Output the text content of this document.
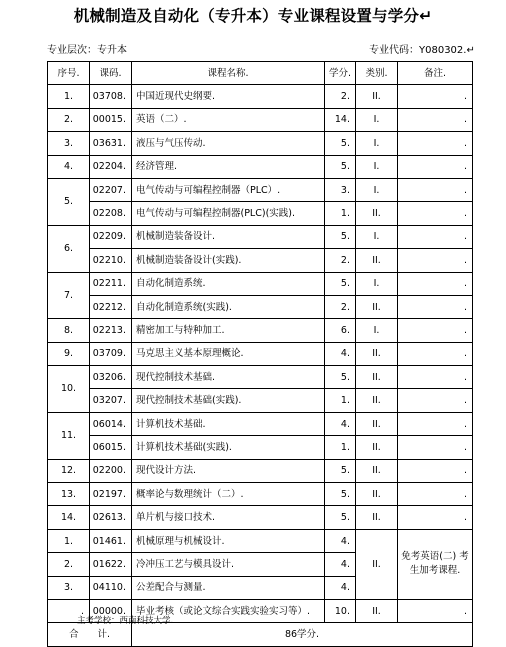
机械制造及自动化（专升本）专业课程设置与学分↵
专业层次：专升本	专业代码：Y080302.↵
序号.	课码.	课程名称.	学分.	类别.	备注.
1.	03708.	中国近现代史纲要.	2.	II.	.
2.	00015.	英语（二）.	14.	I.	.
3.	03631.	液压与气压传动.	5.	I.	.
4.	02204.	经济管理.	5.	I.	.
5.	02207.	电气传动与可编程控制器（PLC）.	3.	I.	.
	02208.	电气传动与可编程控制器(PLC)(实践).	1.	II.	.
6.	02209.	机械制造装备设计.	5.	I.	.
	02210.	机械制造装备设计(实践).	2.	II.	.
7.	02211.	自动化制造系统.	5.	I.	.
	02212.	自动化制造系统(实践).	2.	II.	.
8.	02213.	精密加工与特种加工.	6.	I.	.
9.	03709.	马克思主义基本原理概论.	4.	II.	.
10.	03206.	现代控制技术基础.	5.	II.	.
	03207.	现代控制技术基础(实践).	1.	II.	.
11.	06014.	计算机技术基础.	4.	II.	.
	06015.	计算机技术基础(实践).	1.	II.	.
12.	02200.	现代设计方法.	5.	II.	.
13.	02197.	概率论与数理统计（二）.	5.	II.	.
14.	02613.	单片机与接口技术.	5.	II.	.
1.	01461.	机械原理与机械设计.	4.	II.	免考英语(二) 考生加考课程.
2.	01622.	冷冲压工艺与模具设计.	4.		
3.	04110.	公差配合与测量.	4.		
.	00000.	毕业考核（或论文综合实践实验实习等）.	10.	II.	.
合　　计.		86学分.			
主考学校：西南科技大学.
